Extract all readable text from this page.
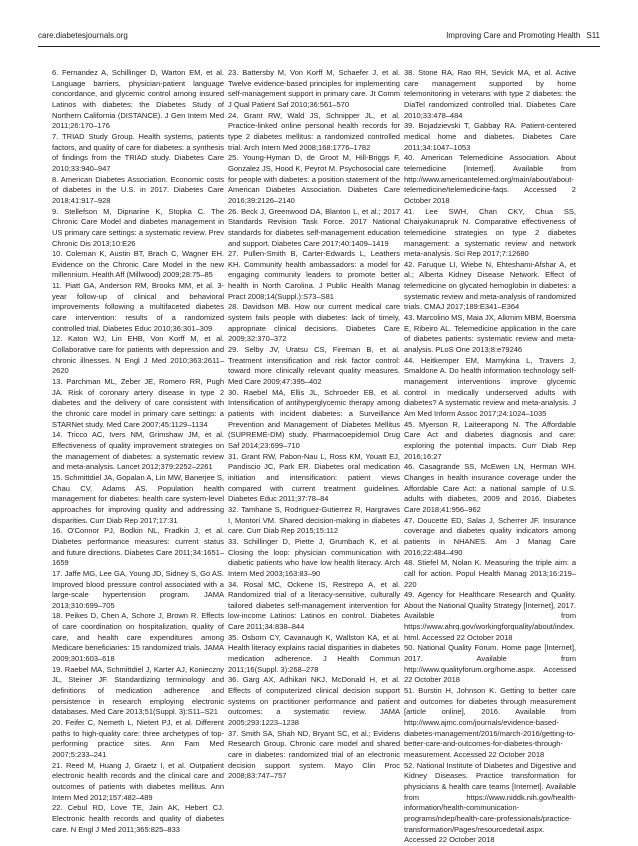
care.diabetesjournals.org	Improving Care and Promoting Health S11

6. Fernandez A, Schillinger D, Warton EM, et al. Language barriers, physician-patient language concordance, and glycemic control among insured Latinos with diabetes: the Diabetes Study of Northern California (DISTANCE). J Gen Intern Med 2011;26:170–176

7. TRIAD Study Group. Health systems, patients factors, and quality of care for diabetes: a synthesis of findings from the TRIAD study. Diabetes Care 2010;33:940–947

8. American Diabetes Association. Economic costs of diabetes in the U.S. in 2017. Diabetes Care 2018;41:917–928

9. Stellefson M, Dipnarine K, Stopka C. The Chronic Care Model and diabetes management in US primary care settings: a systematic review. Prev Chronic Dis 2013;10:E26

10. Coleman K, Austin BT, Brach C, Wagner EH. Evidence on the Chronic Care Model in the new millennium. Health Aff (Millwood) 2009;28:75–85

11. Piatt GA, Anderson RM, Brooks MM, et al. 3-year follow-up of clinical and behavioral improvements following a multifaceted diabetes care intervention: results of a randomized controlled trial. Diabetes Educ 2010;36:301–309

12. Katon WJ, Lin EHB, Von Korff M, et al. Collaborative care for patients with depression and chronic illnesses. N Engl J Med 2010;363:2611–2620

13. Parchman ML, Zeber JE, Romero RR, Pugh JA. Risk of coronary artery disease in type 2 diabetes and the delivery of care consistent with the chronic care model in primary care settings: a STARNet study. Med Care 2007;45:1129–1134

14. Tricco AC, Ivers NM, Grimshaw JM, et al. Effectiveness of quality improvement strategies on the management of diabetes: a systematic review and meta-analysis. Lancet 2012;379:2252–2261

15. Schmittdiel JA, Gopalan A, Lin MW, Banerjee S, Chau CV, Adams AS. Population health management for diabetes: health care system-level approaches for improving quality and addressing disparities. Curr Diab Rep 2017;17:31

16. O'Connor PJ, Bodkin NL, Fradkin J, et al. Diabetes performance measures: current status and future directions. Diabetes Care 2011;34:1651–1659

17. Jaffe MG, Lee GA, Young JD, Sidney S, Go AS. Improved blood pressure control associated with a large-scale hypertension program. JAMA 2013;310:699–705

18. Peikes D, Chen A, Schore J, Brown R. Effects of care coordination on hospitalization, quality of care, and health care expenditures among Medicare beneficiaries: 15 randomized trials. JAMA 2009;301:603–618

19. Raebel MA, Schmittdiel J, Karter AJ, Konieczny JL, Steiner JF. Standardizing terminology and definitions of medication adherence and persistence in research employing electronic databases. Med Care 2013;51(Suppl. 3):S11–S21

20. Feifer C, Nemeth L, Nietert PJ, et al. Different paths to high-quality care: three archetypes of top-performing practice sites. Ann Fam Med 2007;5:233–241

21. Reed M, Huang J, Graetz I, et al. Outpatient electronic health records and the clinical care and outcomes of patients with diabetes mellitus. Ann Intern Med 2012;157:482–489

22. Cebul RD, Love TE, Jain AK, Hebert CJ. Electronic health records and quality of diabetes care. N Engl J Med 2011;365:825–833

23. Battersby M, Von Korff M, Schaefer J, et al. Twelve evidence-based principles for implementing self-management support in primary care. Jt Comm J Qual Patient Saf 2010;36:561–570

24. Grant RW, Wald JS, Schnipper JL, et al. Practice-linked online personal health records for type 2 diabetes mellitus: a randomized controlled trial. Arch Intern Med 2008;168:1776–1782

25. Young-Hyman D, de Groot M, Hill-Briggs F, Gonzalez JS, Hood K, Peyrot M. Psychosocial care for people with diabetes: a position statement of the American Diabetes Association. Diabetes Care 2016;39:2126–2140

26. Beck J, Greenwood DA, Blanton L, et al.; 2017 Standards Revision Task Force. 2017 National standards for diabetes self-management education and support. Diabetes Care 2017;40:1409–1419

27. Pullen-Smith B, Carter-Edwards L, Leathers KH. Community health ambassadors: a model for engaging community leaders to promote better health in North Carolina. J Public Health Manag Pract 2008;14(Suppl.):S73–S81

28. Davidson MB. How our current medical care system fails people with diabetes: lack of timely, appropriate clinical decisions. Diabetes Care 2009;32:370–372

29. Selby JV, Uratsu CS, Fireman B, et al. Treatment intensification and risk factor control: toward more clinically relevant quality measures. Med Care 2009;47:395–402

30. Raebel MA, Ellis JL, Schroeder EB, et al. Intensification of antihyperglycemic therapy among patients with incident diabetes: a Surveillance Prevention and Management of Diabetes Mellitus (SUPREME-DM) study. Pharmacoepidemiol Drug Saf 2014;23:699–710

31. Grant RW, Pabon-Nau L, Ross KM, Youatt EJ, Pandiscio JC, Park ER. Diabetes oral medication initiation and intensification: patient views compared with current treatment guidelines. Diabetes Educ 2011;37:78–84

32. Tamhane S, Rodriguez-Gutierrez R, Hargraves I, Montori VM. Shared decision-making in diabetes care. Curr Diab Rep 2015;15:112

33. Schillinger D, Piette J, Grumbach K, et al. Closing the loop: physician communication with diabetic patients who have low health literacy. Arch Intern Med 2003;163:83–90

34. Rosal MC, Ockene IS, Restrepo A, et al. Randomized trial of a literacy-sensitive, culturally tailored diabetes self-management intervention for low-income Latinos: Latinos en control. Diabetes Care 2011;34:838–844

35. Osborn CY, Cavanaugh K, Wallston KA, et al. Health literacy explains racial disparities in diabetes medication adherence. J Health Commun 2011;16(Suppl. 3):268–278

36. Garg AX, Adhikari NKJ, McDonald H, et al. Effects of computerized clinical decision support systems on practitioner performance and patient outcomes: a systematic review. JAMA 2005;293:1223–1238

37. Smith SA, Shah ND, Bryant SC, et al.; Evidens Research Group. Chronic care model and shared care in diabetes: randomized trial of an electronic decision support system. Mayo Clin Proc 2008;83:747–757

38. Stone RA, Rao RH, Sevick MA, et al. Active care management supported by home telemonitoring in veterans with type 2 diabetes: the DiaTel randomized controlled trial. Diabetes Care 2010;33:478–484

39. Bojadzievski T, Gabbay RA. Patient-centered medical home and diabetes. Diabetes Care 2011;34:1047–1053

40. American Telemedicine Association. About telemedicine [Internet]. Available from http://www.americantelemed.org/main/about/about-telemedicine/telemedicine-faqs. Accessed 2 October 2018

41. Lee SWH, Chan CKY, Chua SS, Chaiyakunapruk N. Comparative effectiveness of telemedicine strategies on type 2 diabetes management: a systematic review and network meta-analysis. Sci Rep 2017;7:12680

42. Faruque LI, Wiebe N, Ehteshami-Afshar A, et al.; Alberta Kidney Disease Network. Effect of telemedicine on glycated hemoglobin in diabetes: a systematic review and meta-analysis of randomized trials. CMAJ 2017;189:E341–E364

43. Marcolino MS, Maia JX, Alkmim MBM, Boersma E, Ribeiro AL. Telemedicine application in the care of diabetes patients: systematic review and meta-analysis. PLoS One 2013;8:e79246

44. Heitkemper EM, Mamykina L, Travers J, Smaldone A. Do health information technology self-management interventions improve glycemic control in medically underserved adults with diabetes? A systematic review and meta-analysis. J Am Med Inform Assoc 2017;24:1024–1035

45. Myerson R, Laiteerapong N. The Affordable Care Act and diabetes diagnosis and care: exploring the potential impacts. Curr Diab Rep 2016;16:27

46. Casagrande SS, McEwen LN, Herman WH. Changes in health insurance coverage under the Affordable Care Act: a national sample of U.S. adults with diabetes, 2009 and 2016. Diabetes Care 2018;41:956–962

47. Doucette ED, Salas J, Scherrer JF. Insurance coverage and diabetes quality indicators among patients in NHANES. Am J Manag Care 2016;22:484–490

48. Stiefel M, Nolan K. Measuring the triple aim: a call for action. Popul Health Manag 2013;16:219–220

49. Agency for Healthcare Research and Quality. About the National Quality Strategy [Internet], 2017. Available from https://www.ahrq.gov/workingforquality/about/index.html. Accessed 22 October 2018

50. National Quality Forum. Home page [Internet], 2017. Available from http://www.qualityforum.org/home.aspx. Accessed 22 October 2018

51. Burstin H, Johnson K. Getting to better care and outcomes for diabetes through measurement [article online], 2016. Available from http://www.ajmc.com/journals/evidence-based-diabetes-management/2016/march-2016/getting-to-better-care-and-outcomes-for-diabetes-through-measurement. Accessed 22 October 2018

52. National Institute of Diabetes and Digestive and Kidney Diseases. Practice transformation for physicians & health care teams [Internet]. Available from https://www.niddk.nih.gov/health-information/health-communication-programs/ndep/health-care-professionals/practice-transformation/Pages/resourcedetail.aspx. Accessed 22 October 2018
